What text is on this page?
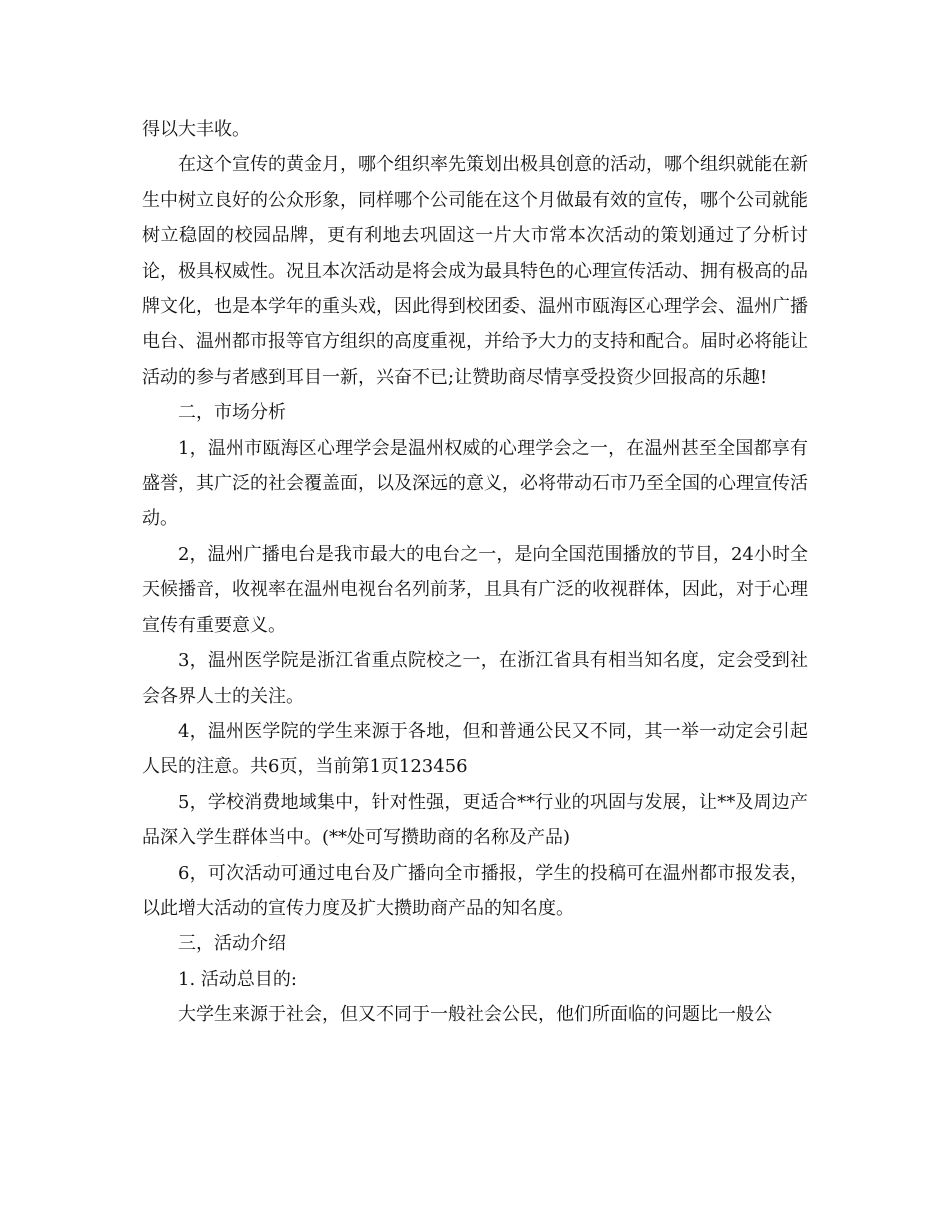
得以大丰收。

在这个宣传的黄金月，哪个组织率先策划出极具创意的活动，哪个组织就能在新生中树立良好的公众形象，同样哪个公司能在这个月做最有效的宣传，哪个公司就能树立稳固的校园品牌，更有利地去巩固这一片大市常本次活动的策划通过了分析讨论，极具权威性。况且本次活动是将会成为最具特色的心理宣传活动、拥有极高的品牌文化，也是本学年的重头戏，因此得到校团委、温州市瓯海区心理学会、温州广播电台、温州都市报等官方组织的高度重视，并给予大力的支持和配合。届时必将能让活动的参与者感到耳目一新，兴奋不已;让赞助商尽情享受投资少回报高的乐趣!

二，市场分析

1，温州市瓯海区心理学会是温州权威的心理学会之一，在温州甚至全国都享有盛誉，其广泛的社会覆盖面，以及深远的意义，必将带动石市乃至全国的心理宣传活动。

2，温州广播电台是我市最大的电台之一，是向全国范围播放的节目，24小时全天候播音，收视率在温州电视台名列前茅，且具有广泛的收视群体，因此，对于心理宣传有重要意义。

3，温州医学院是浙江省重点院校之一，在浙江省具有相当知名度，定会受到社会各界人士的关注。

4，温州医学院的学生来源于各地，但和普通公民又不同，其一举一动定会引起人民的注意。共6页，当前第1页123456

5，学校消费地域集中，针对性强，更适合**行业的巩固与发展，让**及周边产品深入学生群体当中。(**处可写攒助商的名称及产品)

6，可次活动可通过电台及广播向全市播报，学生的投稿可在温州都市报发表，以此增大活动的宣传力度及扩大攒助商产品的知名度。

三，活动介绍

1. 活动总目的:

大学生来源于社会，但又不同于一般社会公民，他们所面临的问题比一般公
